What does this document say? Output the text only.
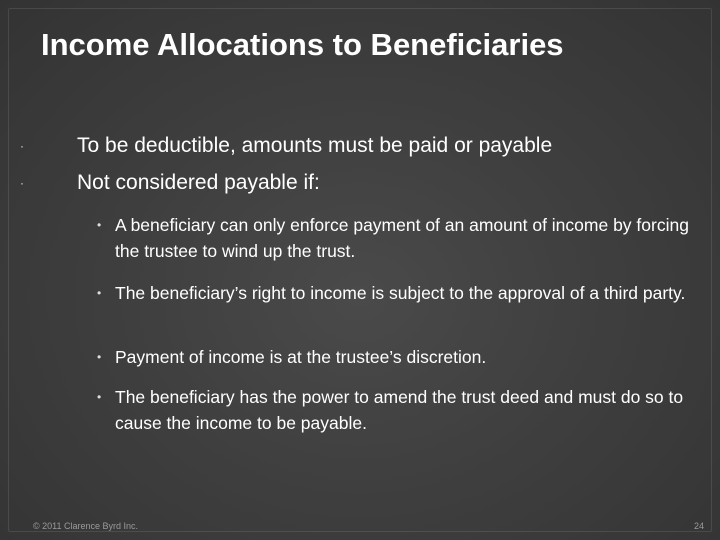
Income Allocations to Beneficiaries
·	To be deductible, amounts must be paid or payable
·	Not considered payable if:
• A beneficiary can only enforce payment of an amount of income by forcing the trustee to wind up the trust.
• The beneficiary’s right to income is subject to the approval of a third party.
• Payment of income is at the trustee’s discretion.
• The beneficiary has the power to amend the trust deed and must do so to cause the income to be payable.
© 2011 Clarence Byrd Inc.	24
